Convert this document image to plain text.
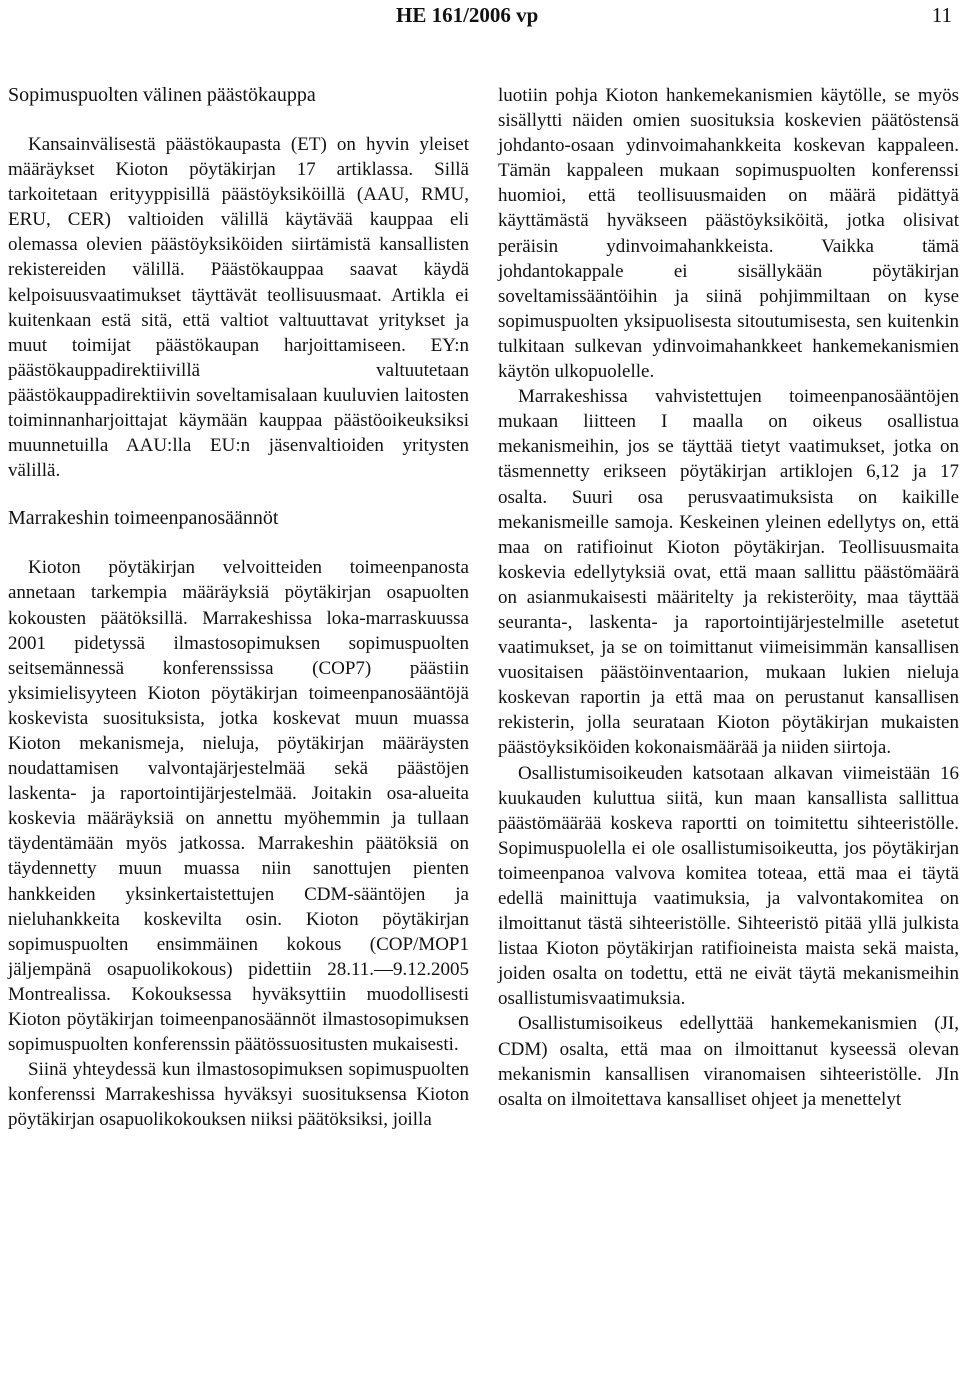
HE 161/2006 vp	11
Sopimuspuolten välinen päästökauppa

Kansainvälisestä päästökaupasta (ET) on hyvin yleiset määräykset Kioton pöytäkirjan 17 artiklassa. Sillä tarkoitetaan erityyppisillä päästöyksiköillä (AAU, RMU, ERU, CER) valtioiden välillä käytävää kauppaa eli olemassa olevien päästöyksiköiden siirtämistä kansallisten rekistereiden välillä. Päästökauppaa saavat käydä kelpoisuusvaatimukset täyttävät teollisuusmaat. Artikla ei kuitenkaan estä sitä, että valtiot valtuuttavat yritykset ja muut toimijat päästökaupan harjoittamiseen. EY:n päästökauppadirektiivillä valtuutetaan päästökauppadirektiivin soveltamisalaan kuuluvien laitosten toiminnanharjoittajat käymään kauppaa päästöoikeuksiksi muunnetuilla AAU:lla EU:n jäsenvaltioiden yritysten välillä.

Marrakeshin toimeenpanosäännöt

Kioton pöytäkirjan velvoitteiden toimeenpanosta annetaan tarkempia määräyksiä pöytäkirjan osapuolten kokousten päätöksillä. Marrakeshissa loka-marraskuussa 2001 pidetyssä ilmastosopimuksen sopimuspuolten seitsemännessä konferenssissa (COP7) päästiin yksimielisyyteen Kioton pöytäkirjan toimeenpanosääntöjä koskevista suosituksista, jotka koskevat muun muassa Kioton mekanismeja, nieluja, pöytäkirjan määräysten noudattamisen valvontajärjestelmää sekä päästöjen laskenta- ja raportointijärjestelmää. Joitakin osa-alueita koskevia määräyksiä on annettu myöhemmin ja tullaan täydentämään myös jatkossa. Marrakeshin päätöksiä on täydennetty muun muassa niin sanottujen pienten hankkeiden yksinkertaistettujen CDM-sääntöjen ja nieluhankkeita koskevilta osin. Kioton pöytäkirjan sopimuspuolten ensimmäinen kokous (COP/MOP1 jäljempänä osapuolikokous) pidettiin 28.11.—9.12.2005 Montrealissa. Kokouksessa hyväksyttiin muodollisesti Kioton pöytäkirjan toimeenpanosäännöt ilmastosopimuksen sopimuspuolten konferenssin päätössuositusten mukaisesti.

Siinä yhteydessä kun ilmastosopimuksen sopimuspuolten konferenssi Marrakeshissa hyväksyi suosituksensa Kioton pöytäkirjan osapuolikokouksen niiksi päätöksiksi, joilla

luotiin pohja Kioton hankemekanismien käytölle, se myös sisällytti näiden omien suosituksia koskevien päätöstensä johdanto-osaan ydinvoimahankkeita koskevan kappaleen. Tämän kappaleen mukaan sopimuspuolten konferenssi huomioi, että teollisuusmaiden on määrä pidättyä käyttämästä hyväkseen päästöyksiköitä, jotka olisivat peräisin ydinvoimahankkeista. Vaikka tämä johdantokappale ei sisällykään pöytäkirjan soveltamissääntöihin ja siinä pohjimmiltaan on kyse sopimuspuolten yksipuolisesta sitoutumisesta, sen kuitenkin tulkitaan sulkevan ydinvoimahankkeet hankemekanismien käytön ulkopuolelle.

Marrakeshissa vahvistettujen toimeenpanosääntöjen mukaan liitteen I maalla on oikeus osallistua mekanismeihin, jos se täyttää tietyt vaatimukset, jotka on täsmennetty erikseen pöytäkirjan artiklojen 6,12 ja 17 osalta. Suuri osa perusvaatimuksista on kaikille mekanismeille samoja. Keskeinen yleinen edellytys on, että maa on ratifioinut Kioton pöytäkirjan. Teollisuusmaita koskevia edellytyksiä ovat, että maan sallittu päästömäärä on asianmukaisesti määritelty ja rekisteröity, maa täyttää seuranta-, laskenta- ja raportointijärjestelmille asetetut vaatimukset, ja se on toimittanut viimeisimmän kansallisen vuositaisen päästöinventaarion, mukaan lukien nieluja koskevan raportin ja että maa on perustanut kansallisen rekisterin, jolla seurataan Kioton pöytäkirjan mukaisten päästöyksiköiden kokonaismäärää ja niiden siirtoja.

Osallistumisoikeuden katsotaan alkavan viimeistään 16 kuukauden kuluttua siitä, kun maan kansallista sallittua päästömäärää koskeva raportti on toimitettu sihteeristölle. Sopimuspuolella ei ole osallistumisoikeutta, jos pöytäkirjan toimeenpanoa valvova komitea toteaa, että maa ei täytä edellä mainittuja vaatimuksia, ja valvontakomitea on ilmoittanut tästä sihteeristölle. Sihteeristö pitää yllä julkista listaa Kioton pöytäkirjan ratifioineista maista sekä maista, joiden osalta on todettu, että ne eivät täytä mekanismeihin osallistumisvaatimuksia.

Osallistumisoikeus edellyttää hankemekanismien (JI, CDM) osalta, että maa on ilmoittanut kyseessä olevan mekanismin kansallisen viranomaisen sihteeristölle. JIn osalta on ilmoitettava kansalliset ohjeet ja menettelyt
